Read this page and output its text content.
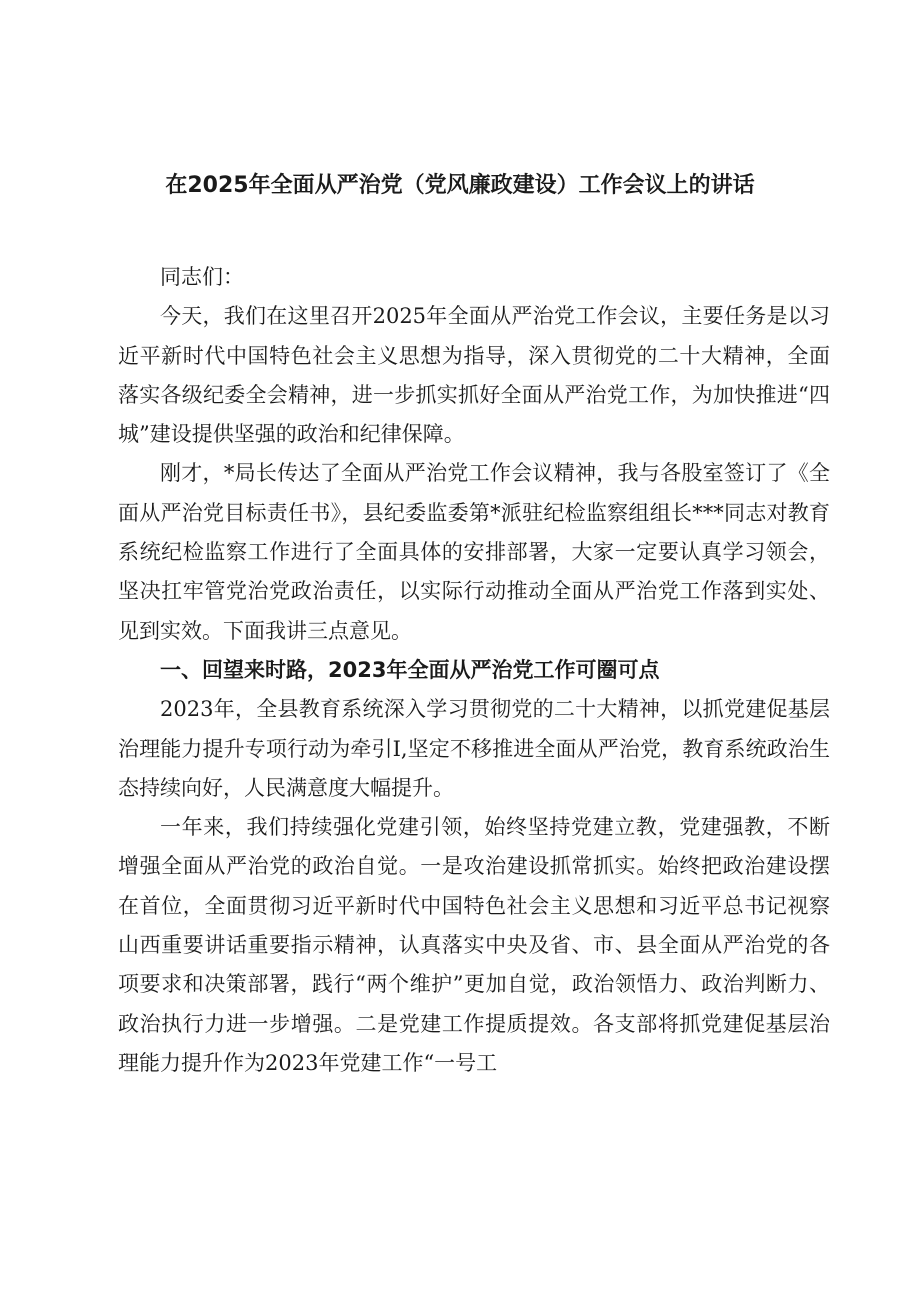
在2025年全面从严治党（党风廉政建设）工作会议上的讲话

同志们：

今天，我们在这里召开2025年全面从严治党工作会议，主要任务是以习近平新时代中国特色社会主义思想为指导，深入贯彻党的二十大精神，全面落实各级纪委全会精神，进一步抓实抓好全面从严治党工作，为加快推进“四城”建设提供坚强的政治和纪律保障。

刚才，*局长传达了全面从严治党工作会议精神，我与各股室签订了《全面从严治党目标责任书》，县纪委监委第*派驻纪检监察组组长***同志对教育系统纪检监察工作进行了全面具体的安排部署，大家一定要认真学习领会，坚决扛牢管党治党政治责任，以实际行动推动全面从严治党工作落到实处、见到实效。下面我讲三点意见。

一、回望来时路，2023年全面从严治党工作可圈可点

2023年，全县教育系统深入学习贯彻党的二十大精神，以抓党建促基层治理能力提升专项行动为牵引I,坚定不移推进全面从严治党，教育系统政治生态持续向好，人民满意度大幅提升。

一年来，我们持续强化党建引领，始终坚持党建立教，党建强教，不断增强全面从严治党的政治自觉。一是攻治建设抓常抓实。始终把政治建设摆在首位，全面贯彻习近平新时代中国特色社会主义思想和习近平总书记视察山西重要讲话重要指示精神，认真落实中央及省、市、县全面从严治党的各项要求和决策部署，践行“两个维护”更加自觉，政治领悟力、政治判断力、政治执行力进一步增强。二是党建工作提质提效。各支部将抓党建促基层治理能力提升作为2023年党建工作“一号工
